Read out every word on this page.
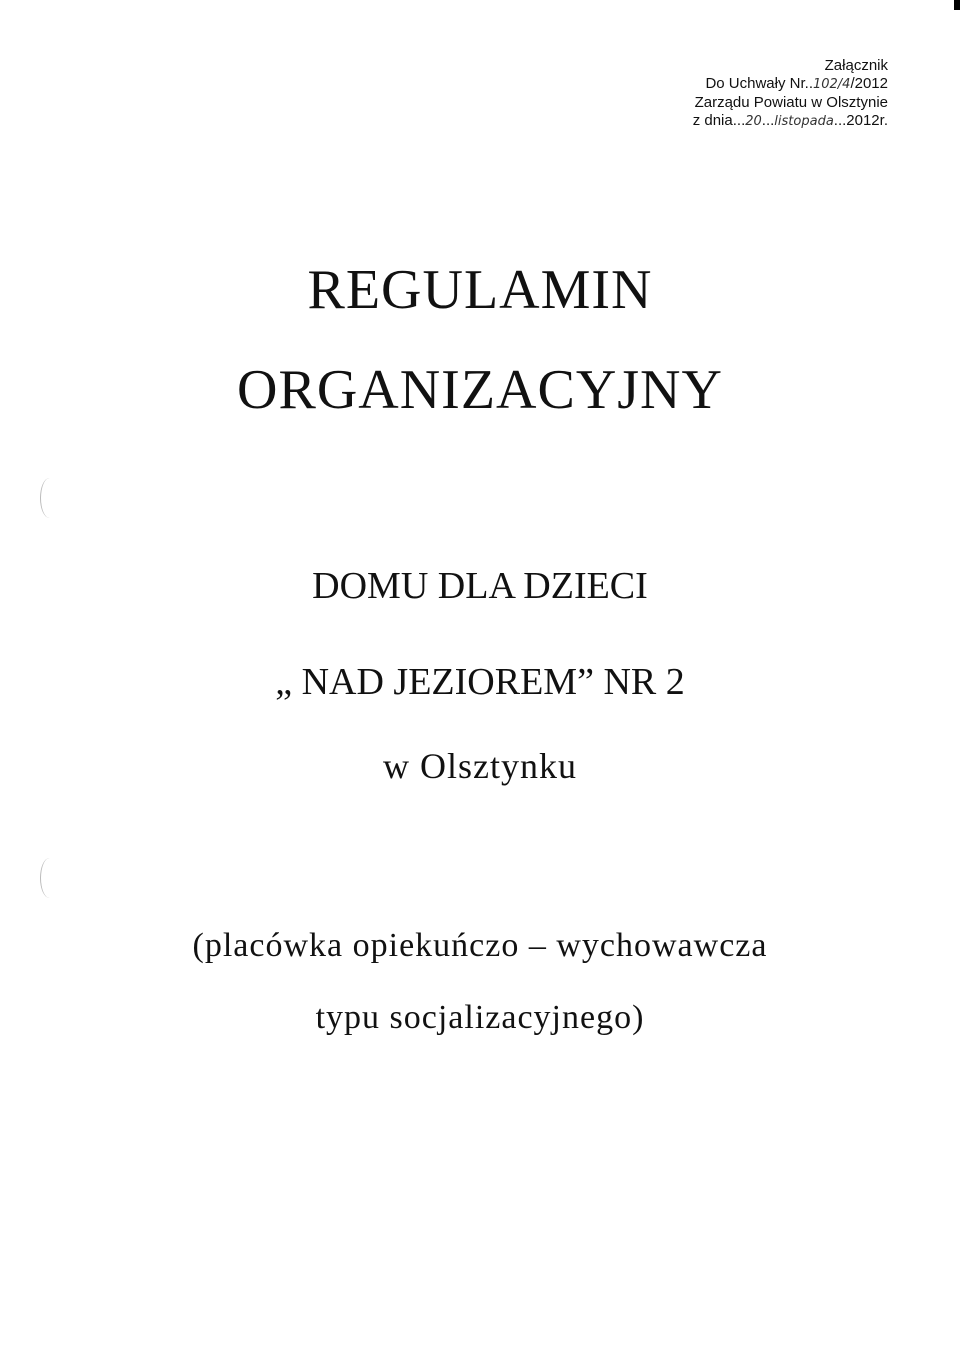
Załącznik
Do Uchwały Nr..102/4/2012
Zarządu Powiatu w Olsztynie
z dnia...20...listopada...2012r.
REGULAMIN
ORGANIZACYJNY
DOMU DLA DZIECI
„ NAD JEZIOREM” NR 2
w Olsztynku
(placówka opiekuńczo – wychowawcza
typu socjalizacyjnego)
